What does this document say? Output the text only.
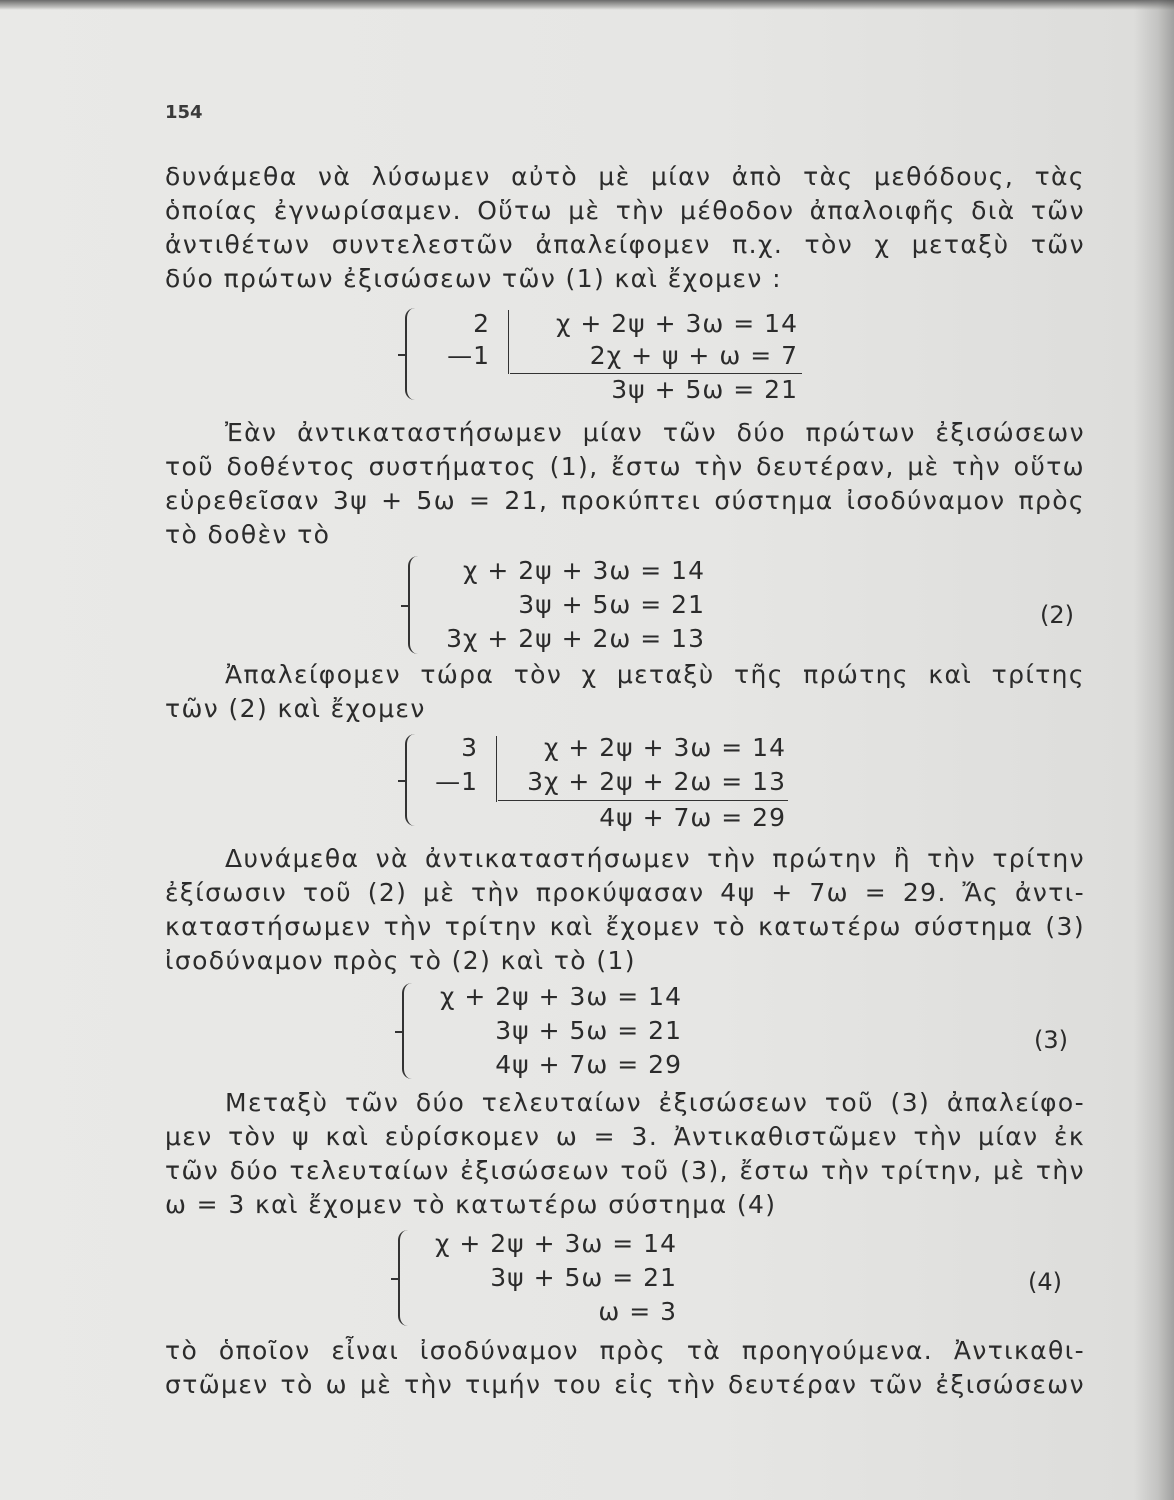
154
δυνάμεθα νὰ λύσωμεν αὐτὸ μὲ μίαν ἀπὸ τὰς μεθόδους, τὰς
ὁποίας ἐγνωρίσαμεν. Οὕτω μὲ τὴν μέθοδον ἀπαλοιφῆς διὰ τῶν
ἀντιθέτων συντελεστῶν ἀπαλείφομεν π.χ. τὸν χ μεταξὺ τῶν
δύο πρώτων ἐξισώσεων τῶν (1) καὶ ἔχομεν :
2
—1
χ + 2ψ + 3ω = 14
2χ + ψ + ω = 7
3ψ + 5ω = 21
Ἐὰν ἀντικαταστήσωμεν μίαν τῶν δύο πρώτων ἐξισώσεων
τοῦ δοθέντος συστήματος (1), ἔστω τὴν δευτέραν, μὲ τὴν οὕτω
εὑρεθεῖσαν 3ψ + 5ω = 21, προκύπτει σύστημα ἰσοδύναμον πρὸς
τὸ δοθὲν τὸ
χ + 2ψ + 3ω = 14
3ψ + 5ω = 21
3χ + 2ψ + 2ω = 13
(2)
Ἀπαλείφομεν τώρα τὸν χ μεταξὺ τῆς πρώτης καὶ τρίτης
τῶν (2) καὶ ἔχομεν
3
—1
χ + 2ψ + 3ω = 14
3χ + 2ψ + 2ω = 13
4ψ + 7ω = 29
Δυνάμεθα νὰ ἀντικαταστήσωμεν τὴν πρώτην ἢ τὴν τρίτην
ἐξίσωσιν τοῦ (2) μὲ τὴν προκύψασαν 4ψ + 7ω = 29. Ἄς ἀντι-
καταστήσωμεν τὴν τρίτην καὶ ἔχομεν τὸ κατωτέρω σύστημα (3)
ἰσοδύναμον πρὸς τὸ (2) καὶ τὸ (1)
χ + 2ψ + 3ω = 14
3ψ + 5ω = 21
4ψ + 7ω = 29
(3)
Μεταξὺ τῶν δύο τελευταίων ἐξισώσεων τοῦ (3) ἀπαλείφο-
μεν τὸν ψ καὶ εὑρίσκομεν ω = 3. Ἀντικαθιστῶμεν τὴν μίαν ἐκ
τῶν δύο τελευταίων ἐξισώσεων τοῦ (3), ἔστω τὴν τρίτην, μὲ τὴν
ω = 3 καὶ ἔχομεν τὸ κατωτέρω σύστημα (4)
χ + 2ψ + 3ω = 14
3ψ + 5ω = 21
ω = 3
(4)
τὸ ὁποῖον εἶναι ἰσοδύναμον πρὸς τὰ προηγούμενα. Ἀντικαθι-
στῶμεν τὸ ω μὲ τὴν τιμήν του εἰς τὴν δευτέραν τῶν ἐξισώσεων
